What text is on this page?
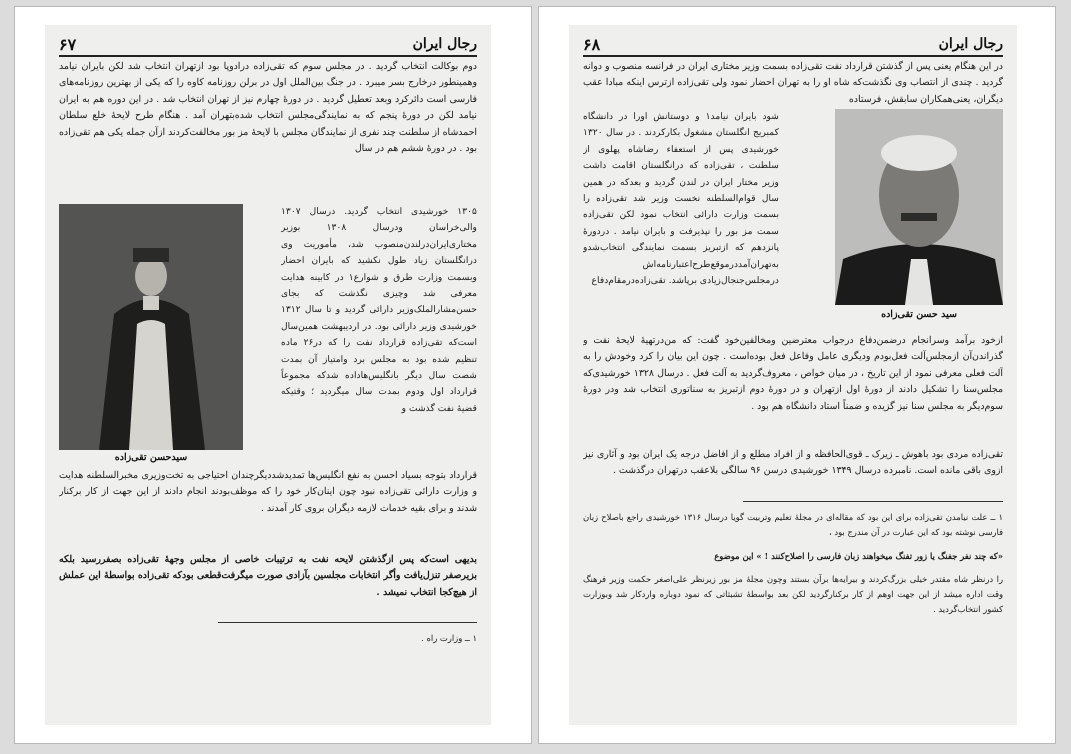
رجال ایران
۶۷

دوم بوکالت انتخاب گردید . در مجلس سوم که تقی‌زاده درادوپا بود ازتهران انتخاب شد لکن بایران نیامد وهمینطور درخارج بسر میبرد . در جنگ بین‌الملل اول در برلن روزنامه کاوه را که یکی از بهترین روزنامه‌های فارسی است دائرکرد وبعد تعطیل گردید . در دورهٔ چهارم نیز از تهران انتخاب شد . در این دوره هم به ایران نیامد لکن در دورهٔ پنجم که به نمایندگی‌مجلس انتخاب شده‌بتهران آمد . هنگام طرح لایحهٔ خلع سلطان احمدشاه از سلطنت چند نفری از نمایندگان مجلس با لایحهٔ مز بور مخالفت‌کردند ازآن جمله یکی هم تقی‌زاده بود . در دورهٔ ششم هم در سال

۱۳۰۵ خورشیدی انتخاب گردید. درسال ۱۳۰۷ والی‌خراسان ودرسال ۱۳۰۸ بوزیر مختاری‌ایران‌درلندن‌منصوب شد، مأموریت وی درانگلستان زیاد طول نکشید که بایران احضار وبسمت وزارت طرق و شوارع۱ در کابینه هدایت معرفی شد وچیزی‌ نگذشت که بجای حسن‌مشارالملک‌وزیر دارائی گردید و تا سال ۱۳۱۲ خورشیدی وزیر دارائی بود. در اردیبهشت همین‌سال است‌که تقی‌زاده قرارداد نفت را که در۲۶ ماده تنظیم شده بود به مجلس برد وامتیاز آن بمدت شصت سال دیگر بانگلیس‌هاداده شدکه مجموعاً قرارداد اول ودوم بمدت سال میگردید ؛ وقتیکه قضیهٔ نفت گذشت و
سیدحسن تقی‌زاده

قرارداد بتوجه بسیاد احسن به نفع انگلیس‌ها تمدیدشد‌دیگرچندان احتیاجی به تخت‌وزیری مخبرالسلطنه هدایت و وزارت دارائی تقی‌زاده نبود چون اینان‌کار خود را که موظف‌بودند انجام دادند از این جهت از کار برکنار شدند و برای بقیه خدمات‌ لازمه دیگران بروی کار آمدند .

بدیهی است‌که پس ازگذشتن لایحه نفت به ترتیبات خاصی از مجلس وجههٔ تقی‌زاده بصفررسید بلکه بزیرصفر تنزل‌یافت وأگر انتخابات مجلسین بآزادی صورت میگرفت‌قطعی بودکه تقی‌زاده بواسطهٔ این عملش از هیچ‌کجا انتخاب نمیشد .

۱ ــ وزارت راه .

رجال ایران
۶۸

در این هنگام یعنی پس از گذشتن قرارداد نفت تقی‌زاده بسمت وزیر مختاری ایران در فرانسه منصوب و دوانه گردید . چندی از انتصاب وی نگذشت‌که شاه او را به تهران احضار نمود ولی تقی‌زاده ازترس اینکه مبادا عقب دیگران، یعنی‌همکاران سابقش، فرستاده

شود بایران نیامد۱ و دوستانش اورا در دانشگاه کمبریج انگلستان مشغول بکارکردند . در سال ۱۳۲۰ خورشیدی پس از استعفاء رضاشاه پهلوی از سلطنت ، تقی‌زاده که درانگلستان اقامت داشت وزیر مختار ایران در لندن گردید و بعدکه در همین سال قوام‌السلطنه نخست وزیر شد تقی‌زاده را بسمت وزارت دارائی انتخاب نمود لکن تقی‌زاده سمت مز بور را نپذیرفت و بایران نیامد . دردورهٔ پانزدهم که ازتبریز بسمت نمایندگی انتخاب‌شدو به‌تهران‌آمدد‌رموقع‌طرح‌اعتبارنامه‌اش درمجلس‌جنجال‌زیادی برپاشد. تقی‌زاده‌درمقام‌دفاع
سید حسن تقی‌زاده

ازخود برآمد وسرانجام درضمن‌دفاع درجواب معترضین ومخالفین‌خود گفت: که من‌درتهیهٔ لایحهٔ نفت و گذراندن‌آن ازمجلس‌آلت فعل‌بودم ودیگری عامل وفاعل فعل بوده‌است . چون این بیان را کرد وخودش را به آلت فعلی معرفی نمود از این تاریخ ، در میان خواص ، معروف‌گردید به آلت فعل . درسال ۱۳۲۸ خورشیدی‌که مجلس‌سنا را تشکیل دادند از دورهٔ اول ازتهران و در دورهٔ دوم ازتبریز به سناتوری انتخاب شد ودر دورهٔ سوم‌دیگر به مجلس سنا نیز گزیده و ضمناً استاد دانشگاه هم بود .

تقی‌زاده مردی بود باهوش ـ زیرک ـ قوی‌الحافظه و از افراد مطلع و از افاضل درجه یک ایران بود و آثاری نیز ازوی باقی مانده است. نامبرده درسال ۱۳۴۹ خورشیدی درسن ۹۶ سالگی بلاعقب درتهران درگذشت .

۱ ــ علت نیامدن تقی‌زاده برای این بود که مقاله‌ای در مجلهٔ تعلیم وتربیت گویا درسال ۱۳۱۶ خورشیدی راجع باصلاح زبان فارسی نوشته بود که این عبارت در آن مندرج بود ،

«که چند نفر جفنگ یا زور تفنگ میخواهند زبان فارسی را اصلاح‌کنند ! » این موضوع

را درنظر شاه مقتدر خیلی بزرگ‌کردند و بیرایه‌ها برآن بستند وچون مجلهٔ مز بور زیرنظر علی‌اصغر حکمت وزیر فرهنگ وقت اداره میشد از این جهت اوهم از کار برکنارگردید لکن بعد بواسطهٔ تشبثاتی که نمود دوباره واردکار شد وبوزارت کشور انتخاب‌گردید .
